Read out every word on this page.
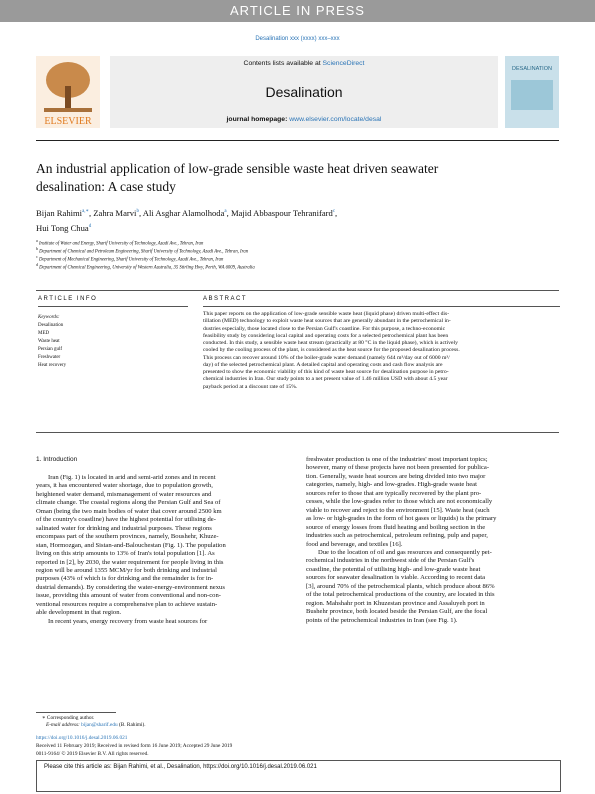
ARTICLE IN PRESS
Desalination xxx (xxxx) xxx–xxx
ELSEVIER
Contents lists available at ScienceDirect
Desalination
journal homepage: www.elsevier.com/locate/desal
DESALINATION
An industrial application of low-grade sensible waste heat driven seawater
desalination: A case study
Bijan Rahimi$^{a,∗}$, Zahra Marvi$^b$, Ali Asghar Alamolhoda$^a$, Majid Abbaspour Tehranifard$^c$,
Hui Tong Chua$^d$
$^a$ Institute of Water and Energy, Sharif University of Technology, Azadi Ave., Tehran, Iran
$^b$ Department of Chemical and Petroleum Engineering, Sharif University of Technology, Azadi Ave., Tehran, Iran
$^c$ Department of Mechanical Engineering, Sharif University of Technology, Azadi Ave., Tehran, Iran
$^d$ Department of Chemical Engineering, University of Western Australia, 35 Stirling Hwy, Perth, WA 6009, Australia
ARTICLE INFO	ABSTRACT
Keywords:
Desalination
MED
Waste heat
Persian gulf
Freshwater
Heat recovery
This paper reports on the application of low-grade sensible waste heat (liquid phase) driven multi-effect dis-
tillation (MED) technology to exploit waste heat sources that are generally abundant in the petrochemical in-
dustries especially, those located close to the Persian Gulf's coastline. For this purpose, a techno-economic
feasibility study by considering local capital and operating costs for a selected petrochemical plant has been
conducted. In this study, a sensible waste heat stream (practically at 80 °C in the liquid phase), which is actively
cooled by the cooling process of the plant, is considered as the heat source for the proposed desalination process.
This process can recover around 10% of the boiler-grade water demand (namely 644 m³/day out of 6000 m³/
day) of the selected petrochemical plant. A detailed capital and operating costs and cash flow analysis are
presented to show the economic viability of this kind of waste heat source for desalination purpose in petro-
chemical industries in Iran. Our study points to a net present value of 1.46 million USD with about 4.5 year
payback period at a discount rate of 15%.
1. Introduction

Iran (Fig. 1) is located in arid and semi-arid zones and in recent

years, it has encountered water shortage, due to population growth,
heightened water demand, mismanagement of water resources and
climate change. The coastal regions along the Persian Gulf and Sea of
Oman (being the two main bodies of water that cover around 2500 km
of the country's coastline) have the highest potential for utilising de-
salinated water for drinking and industrial purposes. These regions
encompass part of the southern provinces, namely, Boushehr, Khuze-
stan, Hormozgan, and Sistan-and-Balouchestan (Fig. 1). The population
living on this strip amounts to 13% of Iran's total population [1]. As
reported in [2], by 2030, the water requirement for people living in this
region will be around 1355 MCM/yr for both drinking and industrial
purposes (43% of which is for drinking and the remainder is for in-
dustrial demands). By considering the water-energy-environment nexus
issue, providing this amount of water from conventional and non-con-
ventional resources require a comprehensive plan to achieve sustain-
able development in that region.

In recent years, energy recovery from waste heat sources for

freshwater production is one of the industries' most important topics;
however, many of these projects have not been presented for publica-
tion. Generally, waste heat sources are being divided into two major
categories, namely, high- and low-grades. High-grade waste heat
sources refer to those that are typically recovered by the plant pro-
cesses, while the low-grades refer to those which are not economically
viable to recover and reject to the environment [15]. Waste heat (such
as low- or high-grades in the form of hot gases or liquids) is the primary
source of energy losses from fluid heating and boiling section in the
industries such as petrochemical, petroleum refining, pulp and paper,
food and beverage, and textiles [16].

Due to the location of oil and gas resources and consequently pet-

rochemical industries in the northwest side of the Persian Gulf's
coastline, the potential of utilising high- and low-grade waste heat
sources for seawater desalination is viable. According to recent data
[3], around 70% of the petrochemical plants, which produce about 86%
of the total petrochemical productions of the country, are located in this
region. Mahshahr port in Khuzestan province and Assaluyeh port in
Bushehr province, both located beside the Persian Gulf, are the focal
points of the petrochemical industries in Iran (see Fig. 1).
∗ Corresponding author.
E-mail address: bijan@sharif.edu (B. Rahimi).
https://doi.org/10.1016/j.desal.2019.06.021
Received 11 February 2019; Received in revised form 16 June 2019; Accepted 29 June 2019
0011-9164/ © 2019 Elsevier B.V. All rights reserved.
Please cite this article as: Bijan Rahimi, et al., Desalination, https://doi.org/10.1016/j.desal.2019.06.021
